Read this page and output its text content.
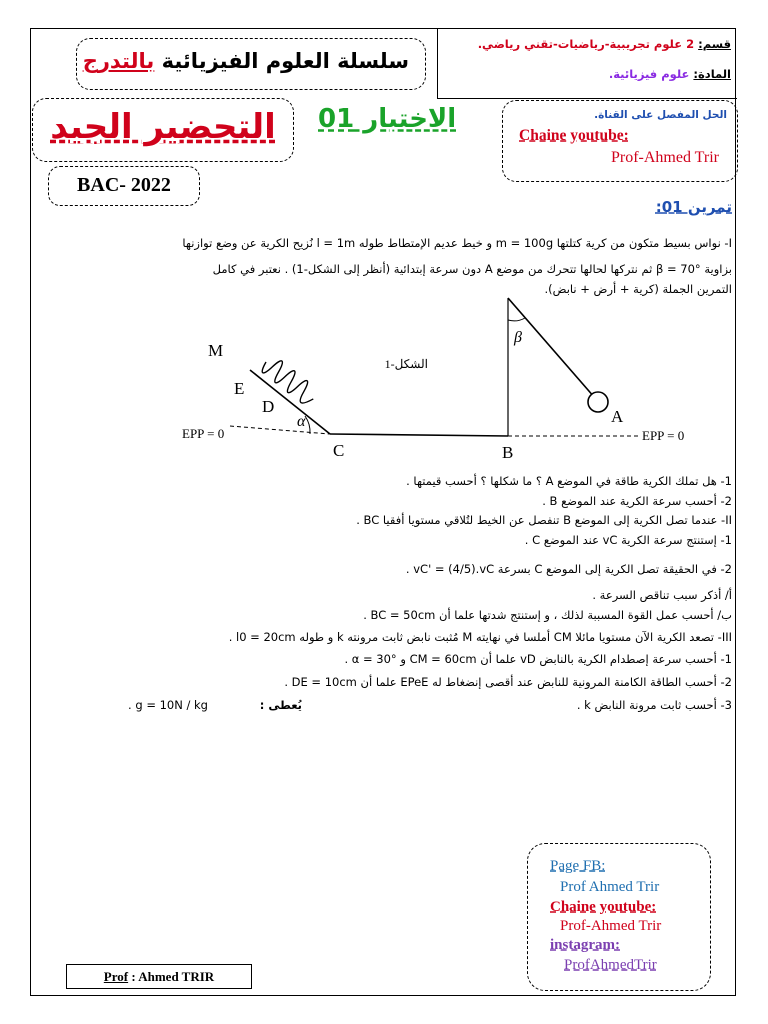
سلسلة العلوم الفيزيائية بالتدرج
قسم: 2 علوم تجريبية-رياضيات-تقني رياضي.
المادة: علوم فيزيائية.
التحضير الجيد	الاختبار 01
BAC- 2022
الحل المفصل على القناة.
Chaine youtube:
Prof-Ahmed Trir
تمرين 01:
I- نواس بسيط متكون من كرية كتلتها m = 100g و خيط عديم الإمتطاط طوله l = 1m نُزيح الكرية عن وضع توازنها
بزاوية β = 70° ثم نتركها لحالها تتحرك من موضع A دون سرعة إبتدائية (أنظر إلى الشكل-1) . نعتبر في كامل
التمرين الجملة (كرية + أرض + نابض).
M
E
D
α
C	B
A
β
EPP = 0	EPP = 0
الشكل-1
1- هل تملك الكرية طاقة في الموضع A ؟ ما شكلها ؟ أحسب قيمتها .
2- أحسب سرعة الكرية عند الموضع B .
II- عندما تصل الكرية إلى الموضع B تنفصل عن الخيط لتُلاقي مستويا أفقيا BC .
1- إستنتج سرعة الكرية vC عند الموضع C .
2- في الحقيقة تصل الكرية إلى الموضع C بسرعة vC' = (4/5).vC .
أ/ أذكر سبب تناقص السرعة .
ب/ أحسب عمل القوة المسببة لذلك ، و إستنتج شدتها علما أن BC = 50cm .
III- تصعد الكرية الآن مستويا مائلا CM أملسا في نهايته M مُثبت نابض ثابت مرونته k و طوله l0 = 20cm .
1- أحسب سرعة إصطدام الكرية بالنابض vD علما أن CM = 60cm و α = 30° .
2- أحسب الطاقة الكامنة المرونية للنابض عند أقصى إنضغاط له EPeE علما أن DE = 10cm .
3- أحسب ثابت مرونة النابض k .
يُعطى :
g = 10N / kg .
Page FB:
Prof Ahmed Trir
Chaine youtube:
Prof-Ahmed Trir
instagram:
ProfAhmedTrir
Prof : Ahmed TRIR
